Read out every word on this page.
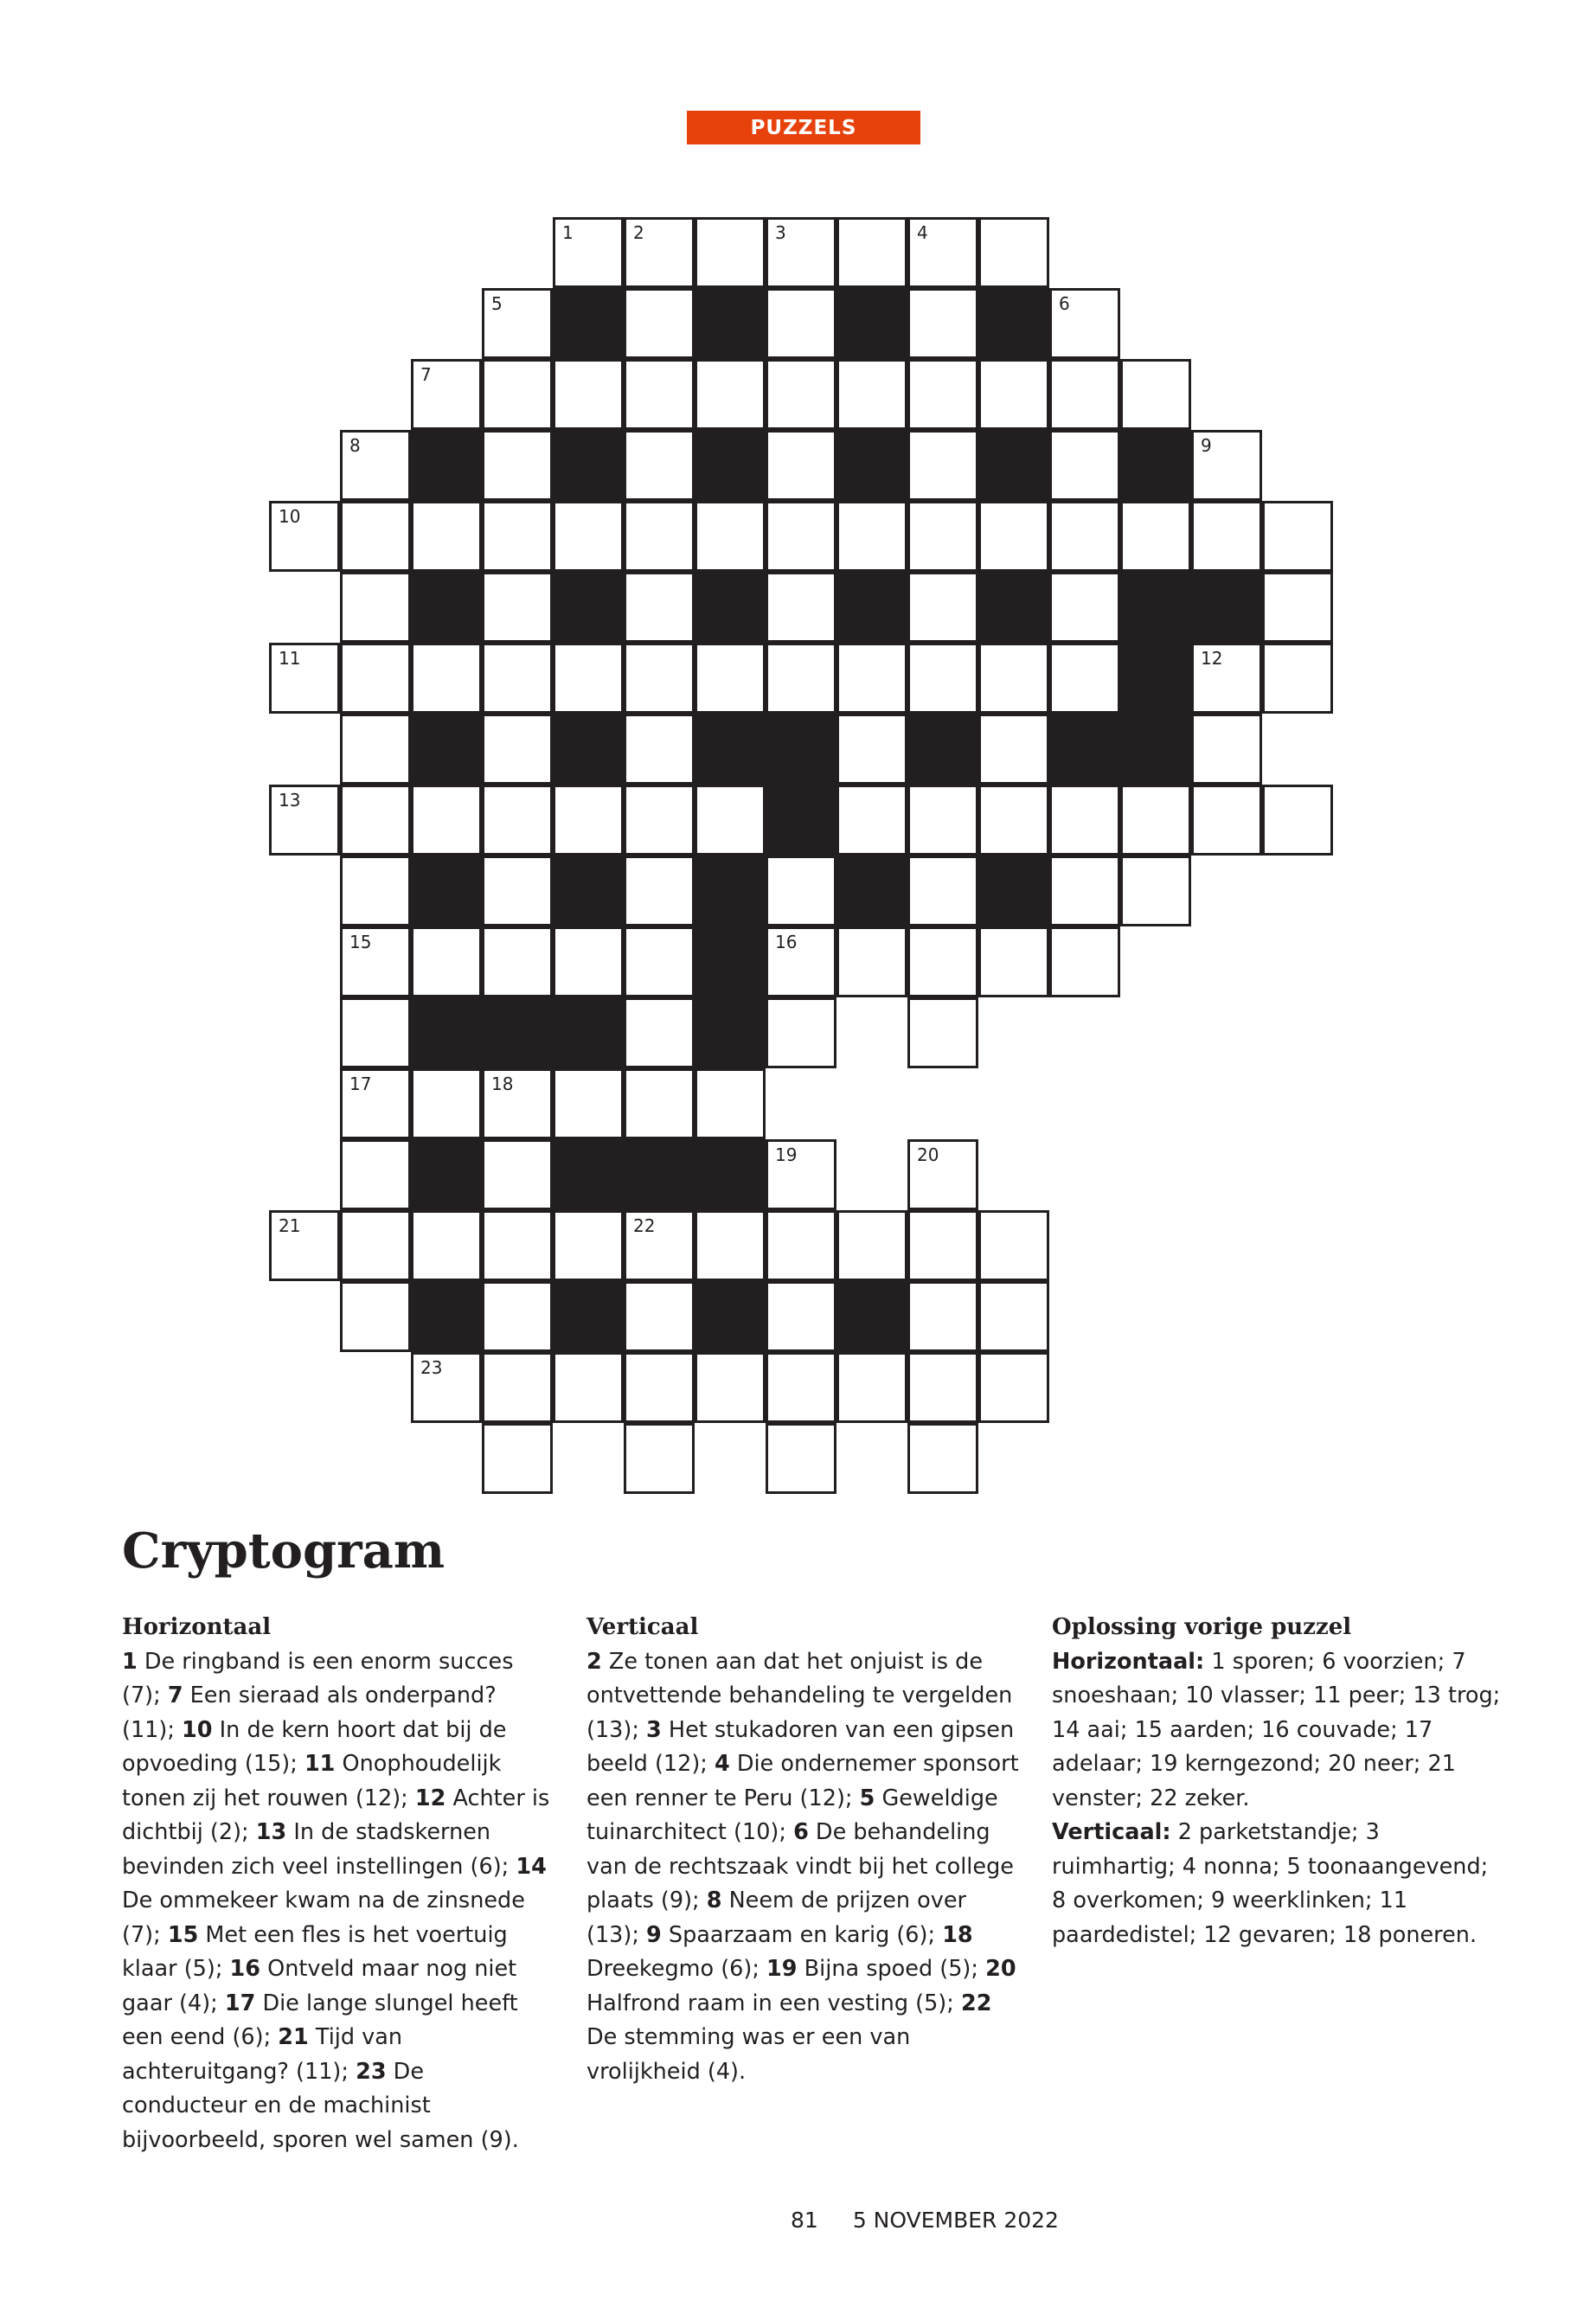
PUZZELS
1	2	3	4
5	6
7
8	9
10
11	12
13	14
15	16
17	18
19	20
21	22
23
Cryptogram
Horizontaal

1 De ringband is een enorm succes (7); 7 Een sieraad als onderpand? (11); 10 In de kern hoort dat bij de opvoeding (15); 11 Onophoudelijk tonen zij het rouwen (12); 12 Achter is dichtbij (2); 13 In de stadskernen bevinden zich veel instellingen (6); 14 De ommekeer kwam na de zinsnede (7); 15 Met een fles is het voertuig klaar (5); 16 Ontveld maar nog niet gaar (4); 17 Die lange slungel heeft een eend (6); 21 Tijd van achteruitgang? (11); 23 De conducteur en de machinist bijvoorbeeld, sporen wel samen (9).

Verticaal

2 Ze tonen aan dat het onjuist is de ontvettende behandeling te vergelden (13); 3 Het stukadoren van een gipsen beeld (12); 4 Die ondernemer sponsort een renner te Peru (12); 5 Geweldige tuinarchitect (10); 6 De behandeling van de rechtszaak vindt bij het college plaats (9); 8 Neem de prijzen over (13); 9 Spaarzaam en karig (6); 18 Dreekegmo (6); 19 Bijna spoed (5); 20 Halfrond raam in een vesting (5); 22 De stemming was er een van vrolijkheid (4).

Oplossing vorige puzzel

Horizontaal: 1 sporen; 6 voorzien; 7 snoeshaan; 10 vlasser; 11 peer; 13 trog; 14 aai; 15 aarden; 16 couvade; 17 adelaar; 19 kerngezond; 20 neer; 21 venster; 22 zeker.

Verticaal: 2 parketstandje; 3 ruimhartig; 4 nonna; 5 toonaangevend; 8 overkomen; 9 weerklinken; 11 paardedistel; 12 gevaren; 18 poneren.

81 5 NOVEMBER 2022
